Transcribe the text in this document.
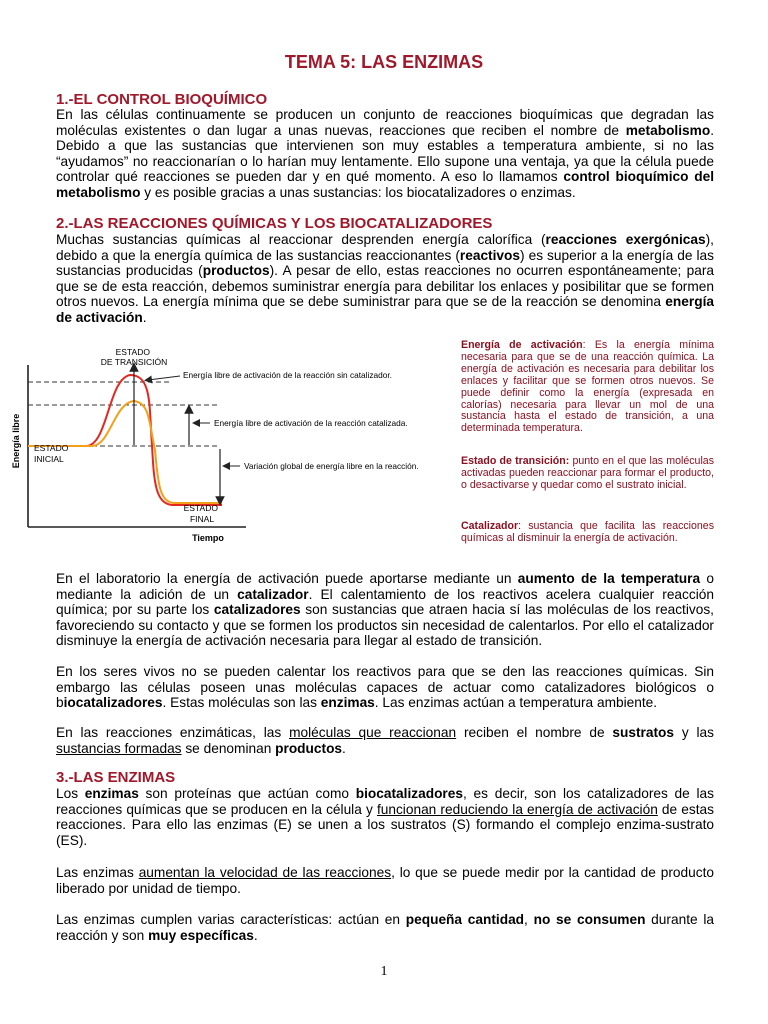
TEMA 5: LAS ENZIMAS
1.-EL CONTROL BIOQUÍMICO
En las células continuamente se producen un conjunto de reacciones bioquímicas que degradan las moléculas existentes o dan lugar a unas nuevas, reacciones que reciben el nombre de metabolismo. Debido a que las sustancias que intervienen son muy estables a temperatura ambiente, si no las “ayudamos” no reaccionarían o lo harían muy lentamente. Ello supone una ventaja, ya que la célula puede controlar qué reacciones se pueden dar y en qué momento. A eso lo llamamos control bioquímico del metabolismo y es posible gracias a unas sustancias: los biocatalizadores o enzimas.
2.-LAS REACCIONES QUÍMICAS Y LOS BIOCATALIZADORES
Muchas sustancias químicas al reaccionar desprenden energía calorífica (reacciones exergónicas), debido a que la energía química de las sustancias reaccionantes (reactivos) es superior a la energía de las sustancias producidas (productos). A pesar de ello, estas reacciones no ocurren espontáneamente; para que se de esta reacción, debemos suministrar energía para debilitar los enlaces y posibilitar que se formen otros nuevos. La energía mínima que se debe suministrar para que se de la reacción se denomina energía de activación.
Energía libre
Tiempo
ESTADO DE TRANSICIÓN
ESTADO INICIAL
ESTADO FINAL
Energía libre de activación de la reacción sin catalizador.
Energía libre de activación de la reacción catalizada.
Variación global de energía libre en la reacción.
Energía de activación: Es la energía mínima necesaria para que se de una reacción química. La energía de activación es necesaria para debilitar los enlaces y facilitar que se formen otros nuevos. Se puede definir como la energía (expresada en calorías) necesaria para llevar un mol de una sustancia hasta el estado de transición, a una determinada temperatura.
Estado de transición: punto en el que las moléculas activadas pueden reaccionar para formar el producto, o desactivarse y quedar como el sustrato inicial.
Catalizador: sustancia que facilita las reacciones químicas al disminuir la energía de activación.
En el laboratorio la energía de activación puede aportarse mediante un aumento de la temperatura o mediante la adición de un catalizador. El calentamiento de los reactivos acelera cualquier reacción química; por su parte los catalizadores son sustancias que atraen hacia sí las moléculas de los reactivos, favoreciendo su contacto y que se formen los productos sin necesidad de calentarlos. Por ello el catalizador disminuye la energía de activación necesaria para llegar al estado de transición.
En los seres vivos no se pueden calentar los reactivos para que se den las reacciones químicas. Sin embargo las células poseen unas moléculas capaces de actuar como catalizadores biológicos o biocatalizadores. Estas moléculas son las enzimas. Las enzimas actúan a temperatura ambiente.
En las reacciones enzimáticas, las moléculas que reaccionan reciben el nombre de sustratos y las sustancias formadas se denominan productos.
3.-LAS ENZIMAS
Los enzimas son proteínas que actúan como biocatalizadores, es decir, son los catalizadores de las reacciones químicas que se producen en la célula y funcionan reduciendo la energía de activación de estas reacciones. Para ello las enzimas (E) se unen a los sustratos (S) formando el complejo enzima-sustrato (ES).
Las enzimas aumentan la velocidad de las reacciones, lo que se puede medir por la cantidad de producto liberado por unidad de tiempo.
Las enzimas cumplen varias características: actúan en pequeña cantidad, no se consumen durante la reacción y son muy específicas.
1
